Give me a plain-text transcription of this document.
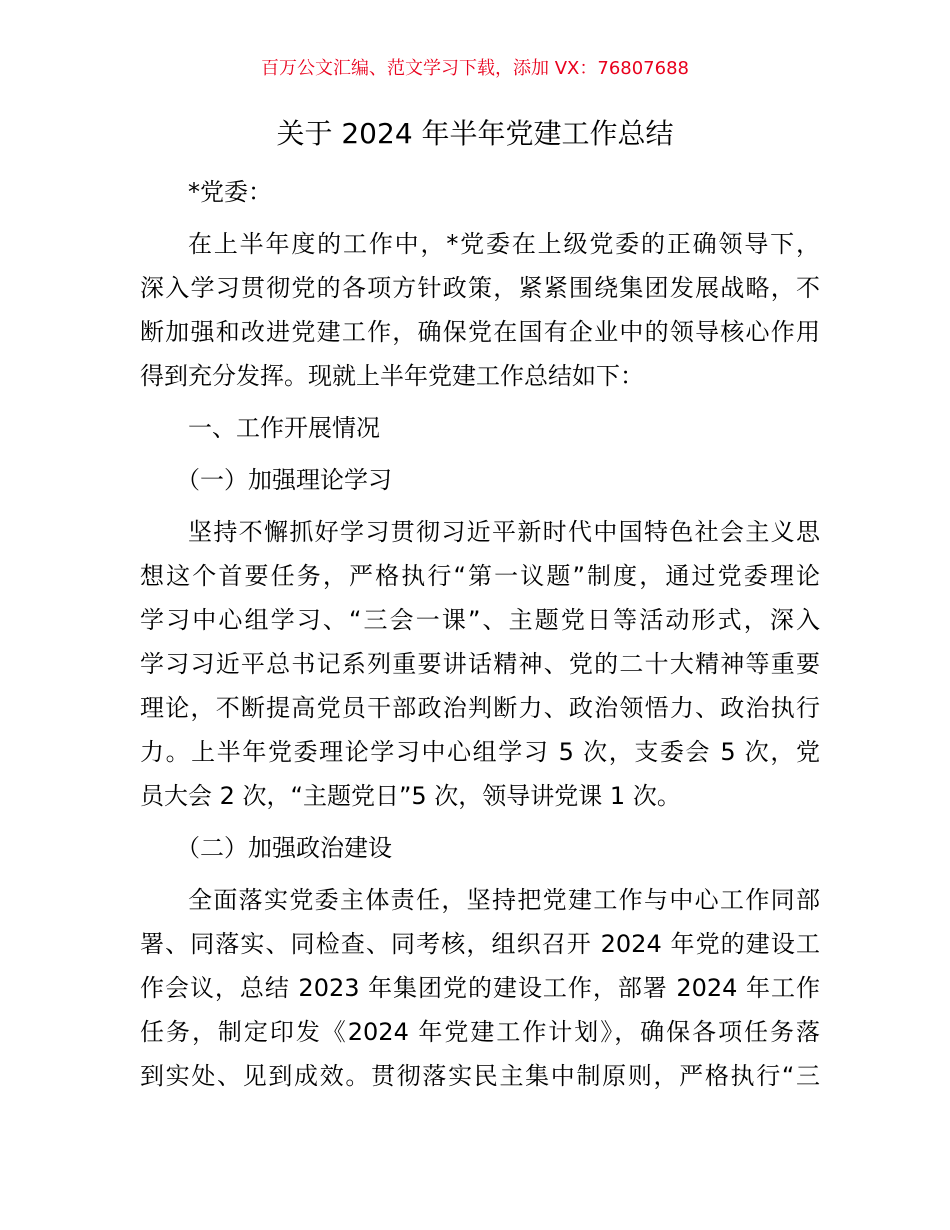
百万公文汇编、范文学习下载，添加 VX：76807688
关于 2024 年半年党建工作总结
*党委：
在上半年度的工作中，*党委在上级党委的正确领导下，
深入学习贯彻党的各项方针政策，紧紧围绕集团发展战略，不
断加强和改进党建工作，确保党在国有企业中的领导核心作用
得到充分发挥。现就上半年党建工作总结如下：
一、工作开展情况
（一）加强理论学习
坚持不懈抓好学习贯彻习近平新时代中国特色社会主义思
想这个首要任务，严格执行“第一议题”制度，通过党委理论
学习中心组学习、“三会一课”、主题党日等活动形式，深入
学习习近平总书记系列重要讲话精神、党的二十大精神等重要
理论，不断提高党员干部政治判断力、政治领悟力、政治执行
力。上半年党委理论学习中心组学习 5 次，支委会 5 次，党
员大会 2 次，“主题党日”5 次，领导讲党课 1 次。
（二）加强政治建设
全面落实党委主体责任，坚持把党建工作与中心工作同部
署、同落实、同检查、同考核，组织召开 2024 年党的建设工
作会议，总结 2023 年集团党的建设工作，部署 2024 年工作
任务，制定印发《2024 年党建工作计划》，确保各项任务落
到实处、见到成效。贯彻落实民主集中制原则，严格执行“三
